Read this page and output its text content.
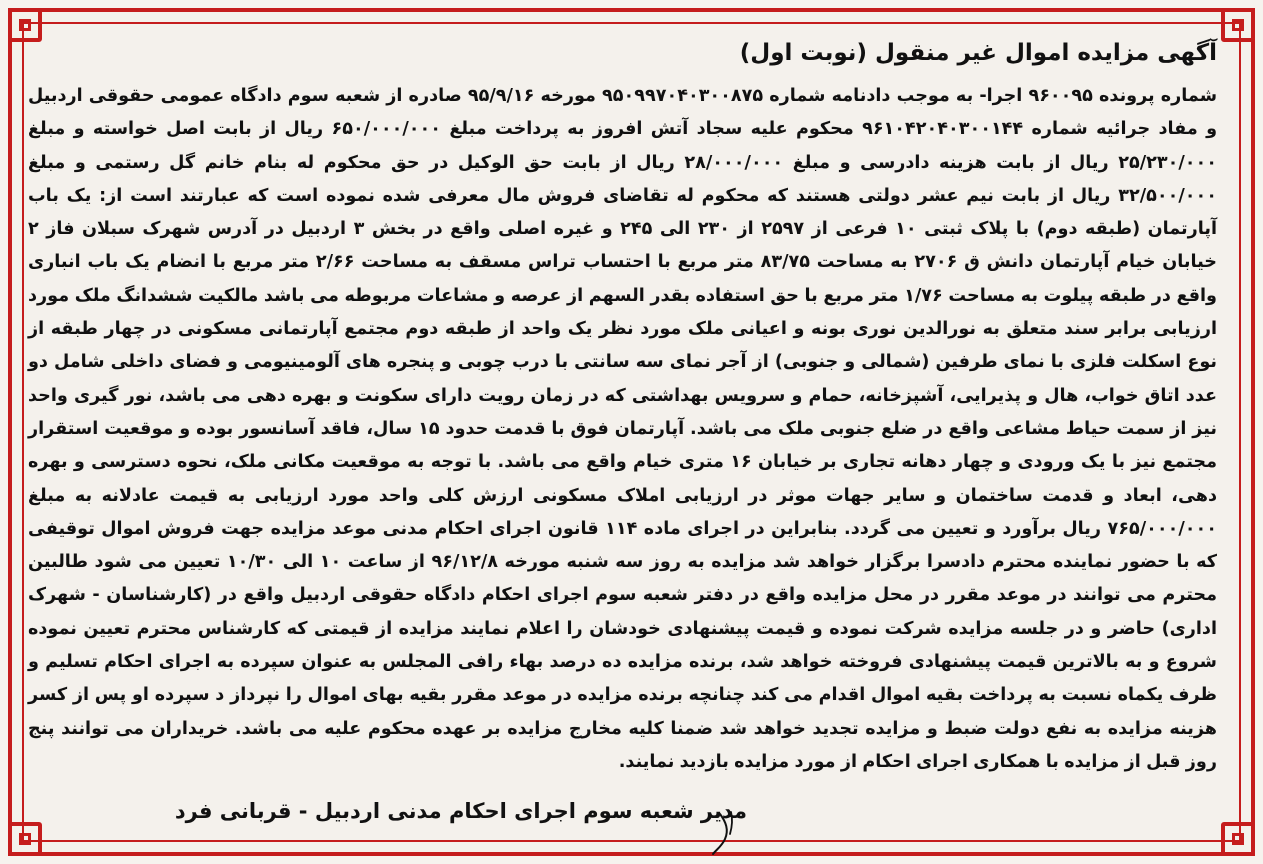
آگهی مزایده اموال غیر منقول (نوبت اول)

شماره پرونده ۹۶۰۰۹۵ اجرا- به موجب دادنامه شماره ۹۵۰۹۹۷۰۴۰۳۰۰۸۷۵ مورخه ۹۵/۹/۱۶ صادره از شعبه سوم دادگاه عمومی حقوقی اردبیل و مفاد جرائیه شماره ۹۶۱۰۴۲۰۴۰۳۰۰۱۴۴ محکوم علیه سجاد آتش افروز به پرداخت مبلغ ۶۵۰/۰۰۰/۰۰۰ ریال از بابت اصل خواسته و مبلغ ۲۵/۲۳۰/۰۰۰ ریال از بابت هزینه دادرسی و مبلغ ۲۸/۰۰۰/۰۰۰ ریال از بابت حق الوکیل در حق محکوم له بنام خانم گل رستمی و مبلغ ۳۲/۵۰۰/۰۰۰ ریال از بابت نیم عشر دولتی هستند که محکوم له تقاضای فروش مال معرفی شده نموده است که عبارتند است از: یک باب آپارتمان (طبقه دوم) با پلاک ثبتی ۱۰ فرعی از ۲۵۹۷ از ۲۳۰ الی ۲۴۵ و غیره اصلی واقع در بخش ۳ اردبیل در آدرس شهرک سبلان فاز ۲ خیابان خیام آپارتمان دانش ق ۲۷۰۶ به مساحت ۸۳/۷۵ متر مربع با احتساب تراس مسقف به مساحت ۲/۶۶ متر مربع با انضام یک باب انباری واقع در طبقه پیلوت به مساحت ۱/۷۶ متر مربع با حق استفاده بقدر السهم از عرصه و مشاعات مربوطه می باشد مالکیت ششدانگ ملک مورد ارزیابی برابر سند متعلق به نورالدین نوری بونه و اعیانی ملک مورد نظر یک واحد از طبقه دوم مجتمع آپارتمانی مسکونی در چهار طبقه از نوع اسکلت فلزی با نمای طرفین (شمالی و جنوبی) از آجر نمای سه سانتی با درب چوبی و پنجره های آلومینیومی و فضای داخلی شامل دو عدد اتاق خواب، هال و پذیرایی، آشپزخانه، حمام و سرویس بهداشتی که در زمان رویت دارای سکونت و بهره دهی می باشد، نور گیری واحد نیز از سمت حیاط مشاعی واقع در ضلع جنوبی ملک می باشد. آپارتمان فوق با قدمت حدود ۱۵ سال، فاقد آسانسور بوده و موقعیت استقرار مجتمع نیز با یک ورودی و چهار دهانه تجاری بر خیابان ۱۶ متری خیام واقع می باشد. با توجه به موقعیت مکانی ملک، نحوه دسترسی و بهره دهی، ابعاد و قدمت ساختمان و سایر جهات موثر در ارزیابی املاک مسکونی ارزش کلی واحد مورد ارزیابی به قیمت عادلانه به مبلغ ۷۶۵/۰۰۰/۰۰۰ ریال برآورد و تعیین می گردد. بنابراین در اجرای ماده ۱۱۴ قانون اجرای احکام مدنی موعد مزایده جهت فروش اموال توقیفی که با حضور نماینده محترم دادسرا برگزار خواهد شد مزایده به روز سه شنبه مورخه ۹۶/۱۲/۸ از ساعت ۱۰ الی ۱۰/۳۰ تعیین می شود طالبین محترم می توانند در موعد مقرر در محل مزایده واقع در دفتر شعبه سوم اجرای احکام دادگاه حقوقی اردبیل واقع در (کارشناسان - شهرک اداری) حاضر و در جلسه مزایده شرکت نموده و قیمت پیشنهادی خودشان را اعلام نمایند مزایده از قیمتی که کارشناس محترم تعیین نموده شروع و به بالاترین قیمت پیشنهادی فروخته خواهد شد، برنده مزایده ده درصد بهاء رافی المجلس به عنوان سپرده به اجرای احکام تسلیم و ظرف یکماه نسبت به پرداخت بقیه اموال اقدام می کند چنانچه برنده مزایده در موعد مقرر بقیه بهای اموال را نپرداز د سپرده او پس از کسر هزینه مزایده به نفع دولت ضبط و مزایده تجدید خواهد شد ضمنا کلیه مخارج مزایده بر عهده محکوم علیه می باشد. خریداران می توانند پنج روز قبل از مزایده با همکاری اجرای احکام از مورد مزایده بازدید نمایند.

مدیر شعبه سوم اجرای احکام مدنی اردبیل - قربانی فرد
